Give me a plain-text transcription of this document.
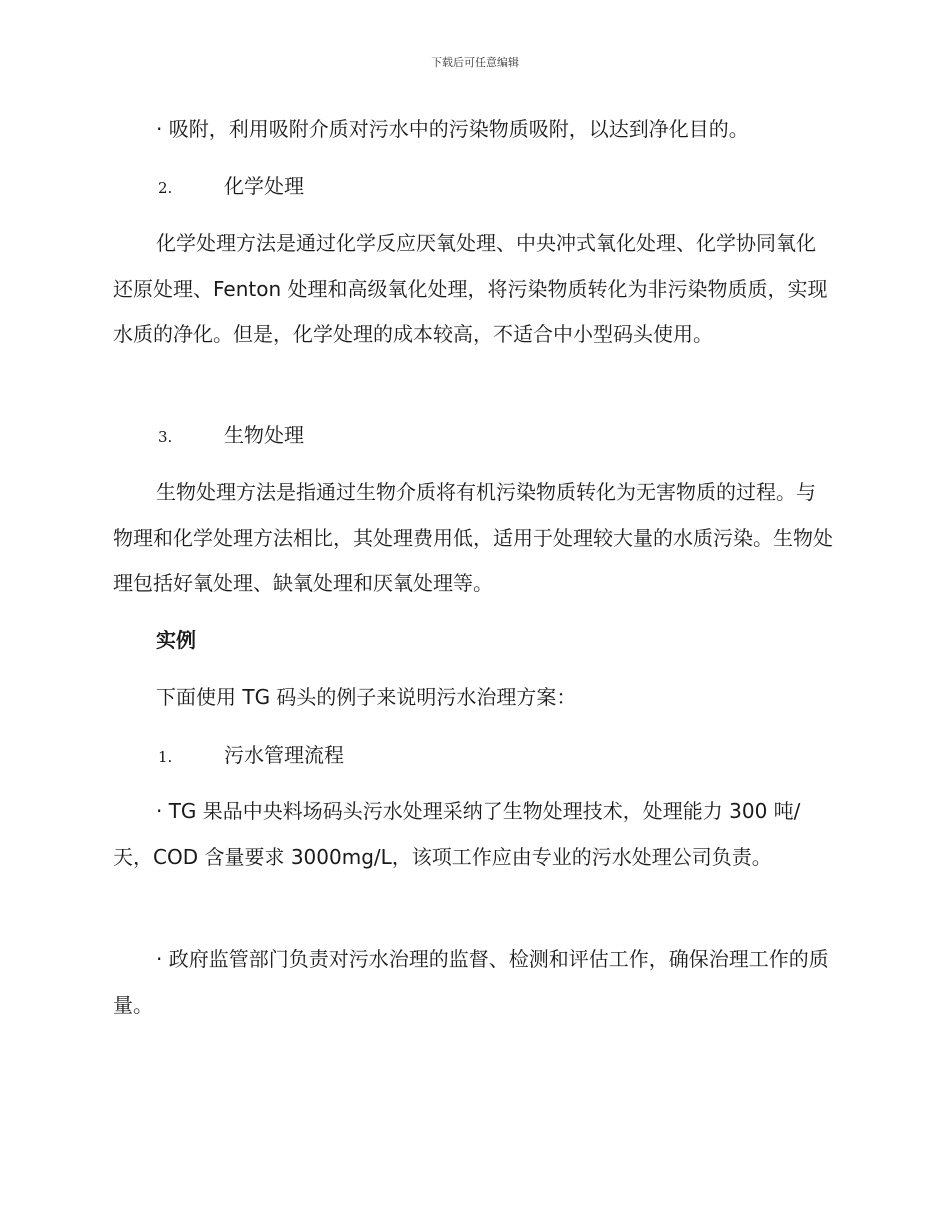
下载后可任意编辑
· 吸附，利用吸附介质对污水中的污染物质吸附，以达到净化目的。
2.	化学处理
化学处理方法是通过化学反应厌氧处理、中央冲式氧化处理、化学协同氧化还原处理、Fenton 处理和高级氧化处理，将污染物质转化为非污染物质质，实现水质的净化。但是，化学处理的成本较高，不适合中小型码头使用。
3.	生物处理
生物处理方法是指通过生物介质将有机污染物质转化为无害物质的过程。与物理和化学处理方法相比，其处理费用低，适用于处理较大量的水质污染。生物处理包括好氧处理、缺氧处理和厌氧处理等。
实例
下面使用 TG 码头的例子来说明污水治理方案：
1.	污水管理流程
· TG 果品中央料场码头污水处理采纳了生物处理技术，处理能力 300 吨/天，COD 含量要求 3000mg/L，该项工作应由专业的污水处理公司负责。
· 政府监管部门负责对污水治理的监督、检测和评估工作，确保治理工作的质量。
